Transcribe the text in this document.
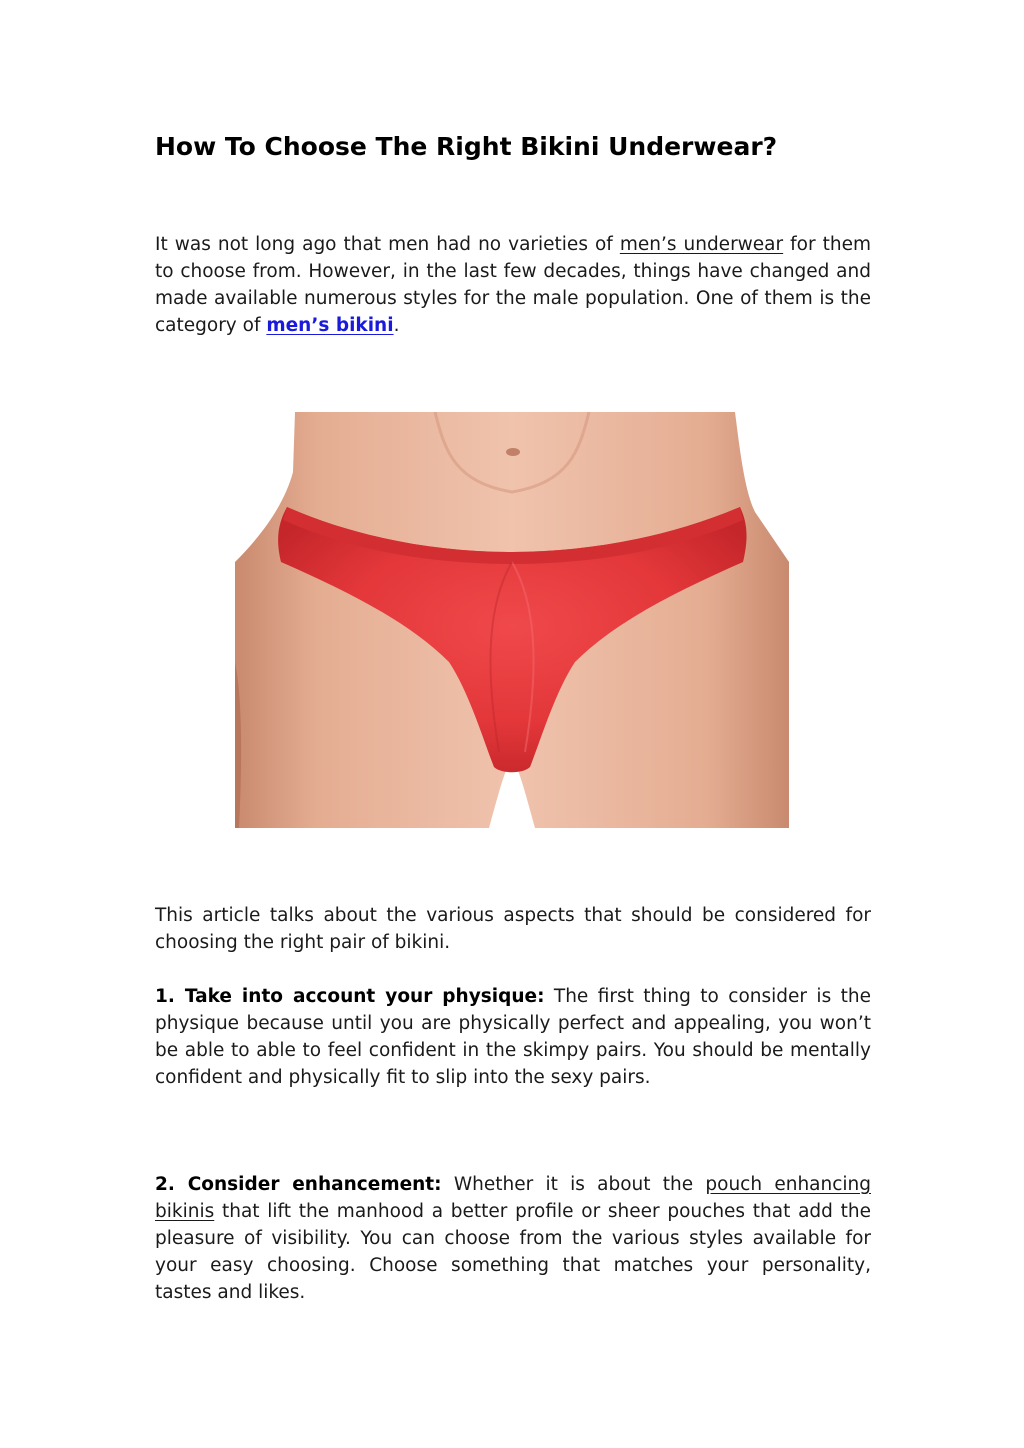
How To Choose The Right Bikini Underwear?

It was not long ago that men had no varieties of men’s underwear for them to choose from. However, in the last few decades, things have changed and made available numerous styles for the male population. One of them is the category of men’s bikini.

This article talks about the various aspects that should be considered for choosing the right pair of bikini.

1. Take into account your physique: The first thing to consider is the physique because until you are physically perfect and appealing, you won’t be able to able to feel confident in the skimpy pairs. You should be mentally confident and physically fit to slip into the sexy pairs.

2. Consider enhancement: Whether it is about the pouch enhancing bikinis that lift the manhood a better profile or sheer pouches that add the pleasure of visibility. You can choose from the various styles available for your easy choosing. Choose something that matches your personality, tastes and likes.
